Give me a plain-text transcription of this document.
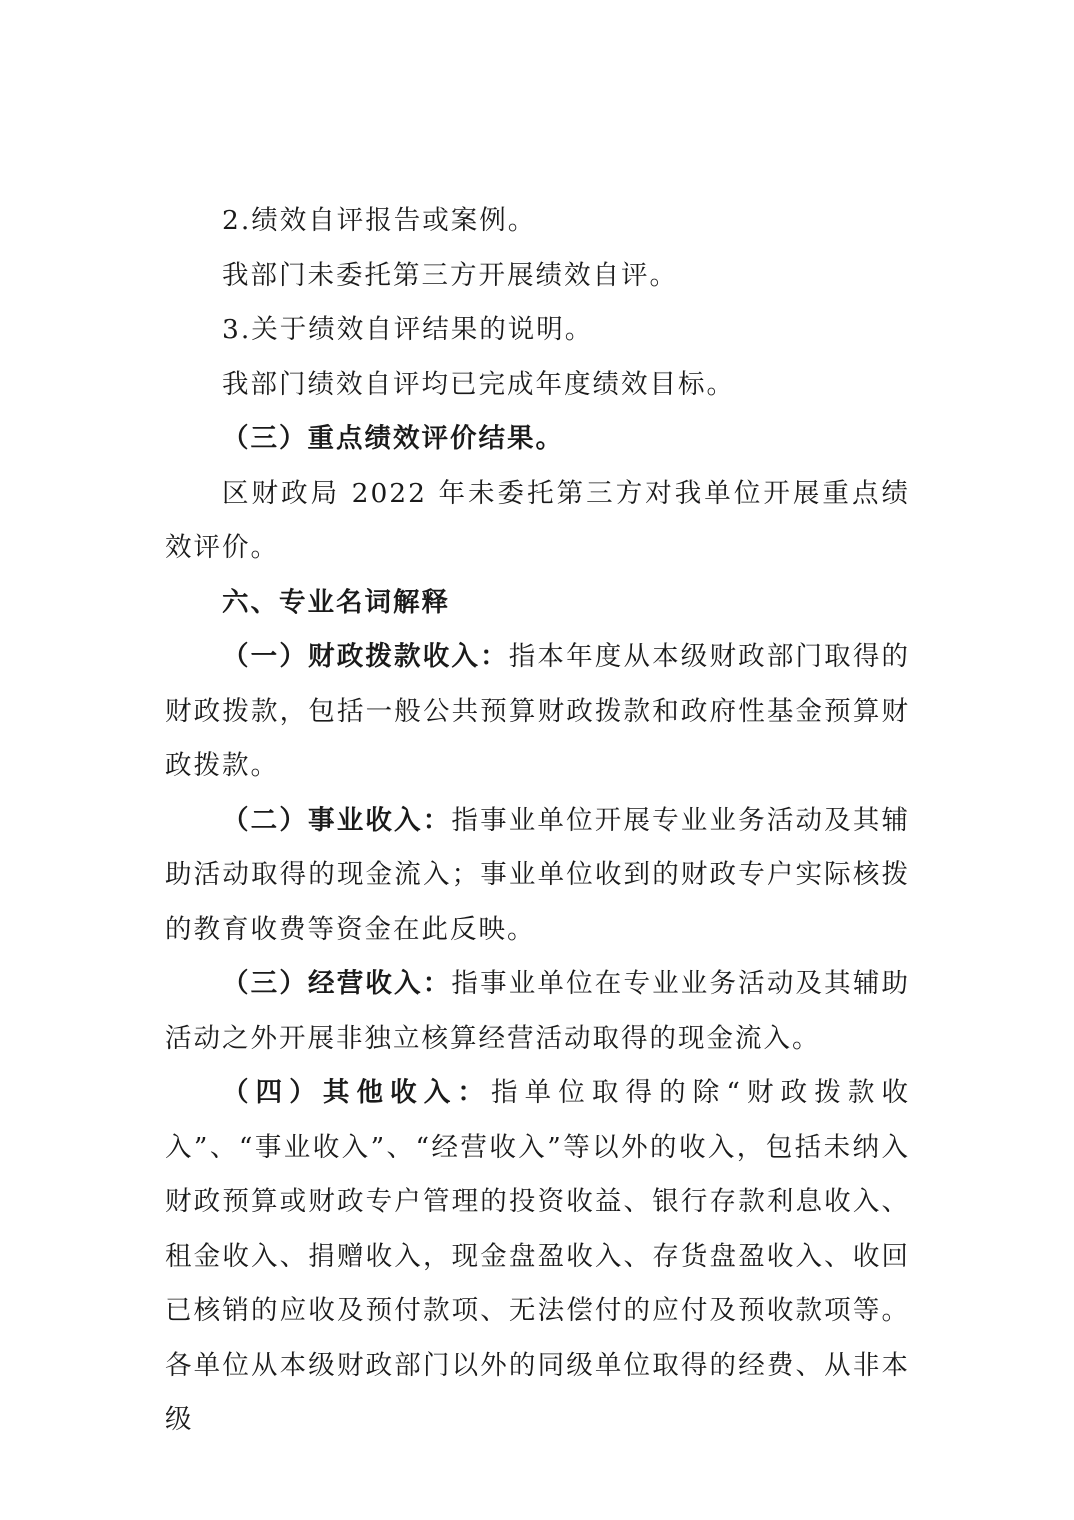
2.绩效自评报告或案例。

我部门未委托第三方开展绩效自评。

3.关于绩效自评结果的说明。

我部门绩效自评均已完成年度绩效目标。

（三）重点绩效评价结果。

区财政局 2022 年未委托第三方对我单位开展重点绩效评价。

六、专业名词解释

（一）财政拨款收入：指本年度从本级财政部门取得的财政拨款，包括一般公共预算财政拨款和政府性基金预算财政拨款。

（二）事业收入：指事业单位开展专业业务活动及其辅助活动取得的现金流入；事业单位收到的财政专户实际核拨的教育收费等资金在此反映。

（三）经营收入：指事业单位在专业业务活动及其辅助活动之外开展非独立核算经营活动取得的现金流入。

（四）其他收入：指单位取得的除“财政拨款收入”、“事业收入”、“经营收入”等以外的收入，包括未纳入财政预算或财政专户管理的投资收益、银行存款利息收入、租金收入、捐赠收入，现金盘盈收入、存货盘盈收入、收回已核销的应收及预付款项、无法偿付的应付及预收款项等。各单位从本级财政部门以外的同级单位取得的经费、从非本级
